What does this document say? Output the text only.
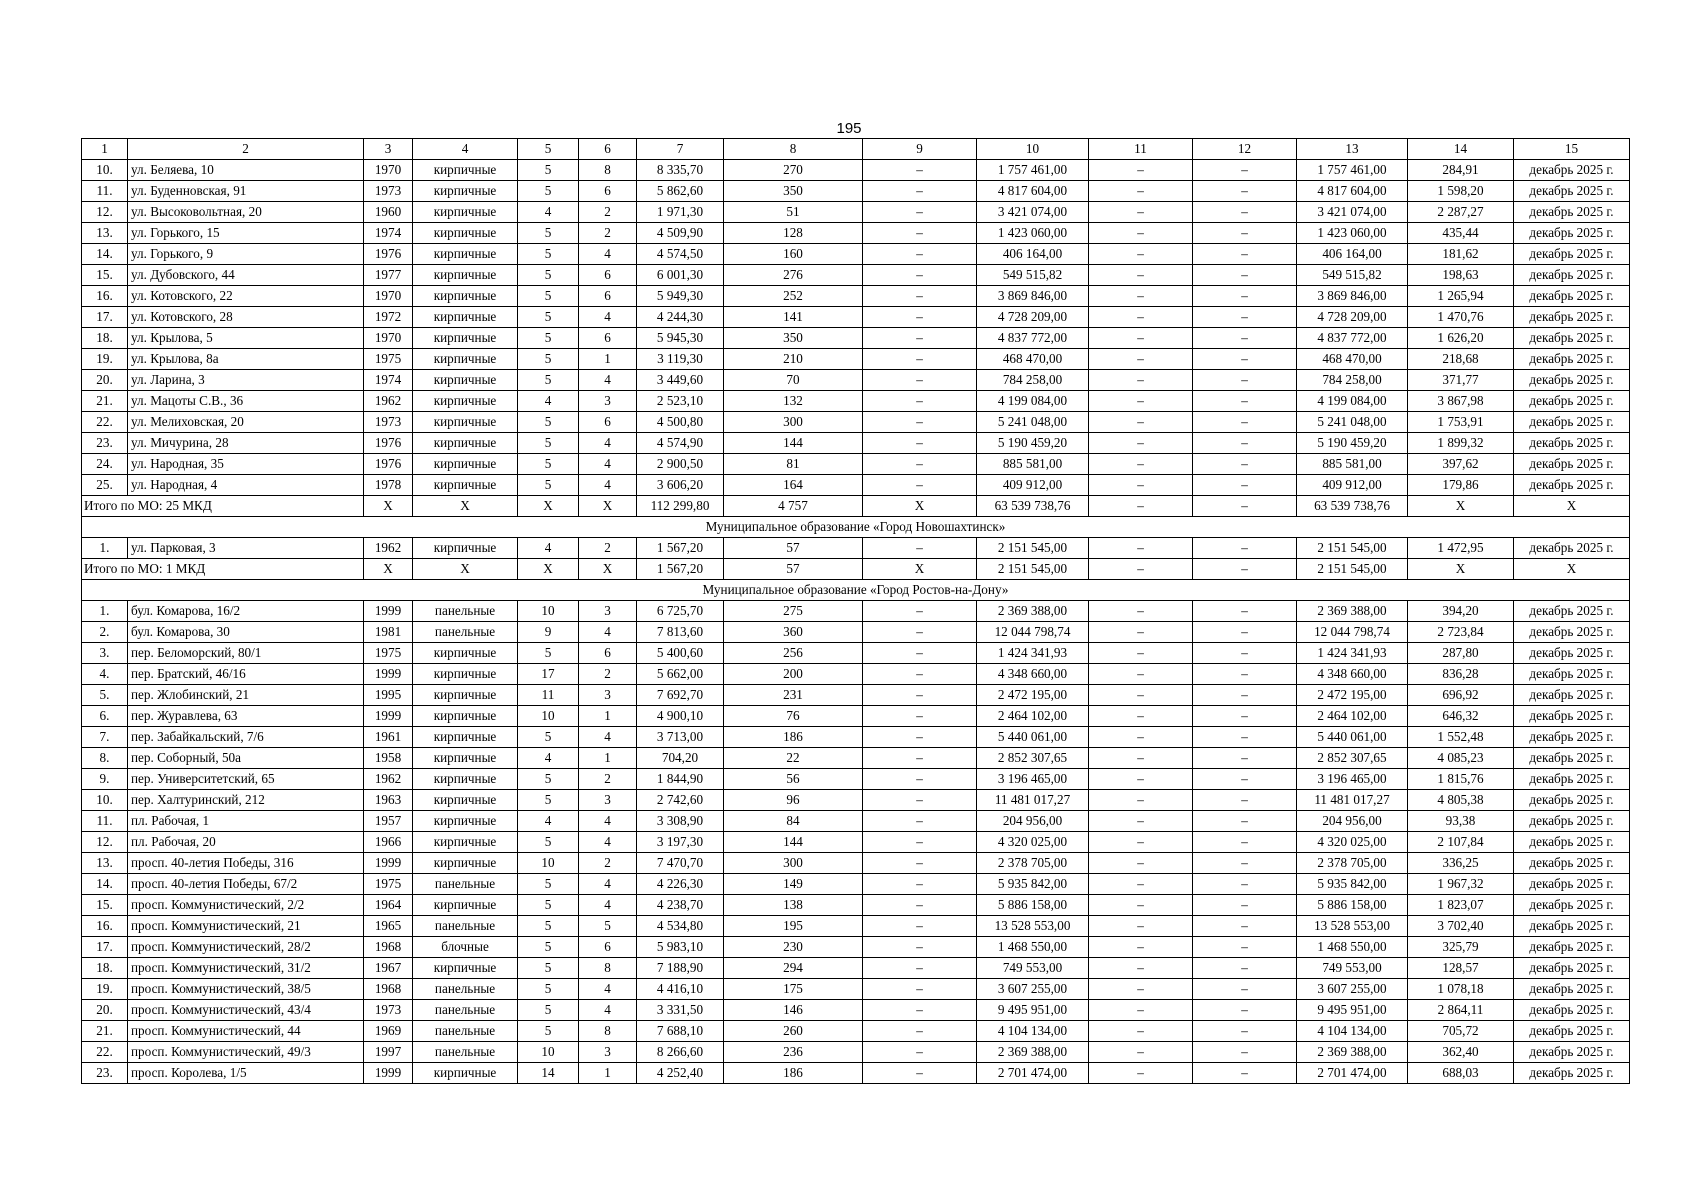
195
1	2	3	4	5	6	7	8	9	10	11	12	13	14	15
10.	ул. Беляева, 10	1970	кирпичные	5	8	8 335,70	270	–	1 757 461,00	–	–	1 757 461,00	284,91	декабрь 2025 г.
11.	ул. Буденновская, 91	1973	кирпичные	5	6	5 862,60	350	–	4 817 604,00	–	–	4 817 604,00	1 598,20	декабрь 2025 г.
12.	ул. Высоковольтная, 20	1960	кирпичные	4	2	1 971,30	51	–	3 421 074,00	–	–	3 421 074,00	2 287,27	декабрь 2025 г.
13.	ул. Горького, 15	1974	кирпичные	5	2	4 509,90	128	–	1 423 060,00	–	–	1 423 060,00	435,44	декабрь 2025 г.
14.	ул. Горького, 9	1976	кирпичные	5	4	4 574,50	160	–	406 164,00	–	–	406 164,00	181,62	декабрь 2025 г.
15.	ул. Дубовского, 44	1977	кирпичные	5	6	6 001,30	276	–	549 515,82	–	–	549 515,82	198,63	декабрь 2025 г.
16.	ул. Котовского, 22	1970	кирпичные	5	6	5 949,30	252	–	3 869 846,00	–	–	3 869 846,00	1 265,94	декабрь 2025 г.
17.	ул. Котовского, 28	1972	кирпичные	5	4	4 244,30	141	–	4 728 209,00	–	–	4 728 209,00	1 470,76	декабрь 2025 г.
18.	ул. Крылова, 5	1970	кирпичные	5	6	5 945,30	350	–	4 837 772,00	–	–	4 837 772,00	1 626,20	декабрь 2025 г.
19.	ул. Крылова, 8а	1975	кирпичные	5	1	3 119,30	210	–	468 470,00	–	–	468 470,00	218,68	декабрь 2025 г.
20.	ул. Ларина, 3	1974	кирпичные	5	4	3 449,60	70	–	784 258,00	–	–	784 258,00	371,77	декабрь 2025 г.
21.	ул. Мацоты С.В., 36	1962	кирпичные	4	3	2 523,10	132	–	4 199 084,00	–	–	4 199 084,00	3 867,98	декабрь 2025 г.
22.	ул. Мелиховская, 20	1973	кирпичные	5	6	4 500,80	300	–	5 241 048,00	–	–	5 241 048,00	1 753,91	декабрь 2025 г.
23.	ул. Мичурина, 28	1976	кирпичные	5	4	4 574,90	144	–	5 190 459,20	–	–	5 190 459,20	1 899,32	декабрь 2025 г.
24.	ул. Народная, 35	1976	кирпичные	5	4	2 900,50	81	–	885 581,00	–	–	885 581,00	397,62	декабрь 2025 г.
25.	ул. Народная, 4	1978	кирпичные	5	4	3 606,20	164	–	409 912,00	–	–	409 912,00	179,86	декабрь 2025 г.
Итого по МО: 25 МКД		X	X	X	X	112 299,80	4 757	X	63 539 738,76	–	–	63 539 738,76	X	X
Муниципальное образование «Город Новошахтинск»														
1.	ул. Парковая, 3	1962	кирпичные	4	2	1 567,20	57	–	2 151 545,00	–	–	2 151 545,00	1 472,95	декабрь 2025 г.
Итого по МО: 1 МКД		X	X	X	X	1 567,20	57	X	2 151 545,00	–	–	2 151 545,00	X	X
Муниципальное образование «Город Ростов-на-Дону»														
1.	бул. Комарова, 16/2	1999	панельные	10	3	6 725,70	275	–	2 369 388,00	–	–	2 369 388,00	394,20	декабрь 2025 г.
2.	бул. Комарова, 30	1981	панельные	9	4	7 813,60	360	–	12 044 798,74	–	–	12 044 798,74	2 723,84	декабрь 2025 г.
3.	пер. Беломорский, 80/1	1975	кирпичные	5	6	5 400,60	256	–	1 424 341,93	–	–	1 424 341,93	287,80	декабрь 2025 г.
4.	пер. Братский, 46/16	1999	кирпичные	17	2	5 662,00	200	–	4 348 660,00	–	–	4 348 660,00	836,28	декабрь 2025 г.
5.	пер. Жлобинский, 21	1995	кирпичные	11	3	7 692,70	231	–	2 472 195,00	–	–	2 472 195,00	696,92	декабрь 2025 г.
6.	пер. Журавлева, 63	1999	кирпичные	10	1	4 900,10	76	–	2 464 102,00	–	–	2 464 102,00	646,32	декабрь 2025 г.
7.	пер. Забайкальский, 7/6	1961	кирпичные	5	4	3 713,00	186	–	5 440 061,00	–	–	5 440 061,00	1 552,48	декабрь 2025 г.
8.	пер. Соборный, 50а	1958	кирпичные	4	1	704,20	22	–	2 852 307,65	–	–	2 852 307,65	4 085,23	декабрь 2025 г.
9.	пер. Университетский, 65	1962	кирпичные	5	2	1 844,90	56	–	3 196 465,00	–	–	3 196 465,00	1 815,76	декабрь 2025 г.
10.	пер. Халтуринский, 212	1963	кирпичные	5	3	2 742,60	96	–	11 481 017,27	–	–	11 481 017,27	4 805,38	декабрь 2025 г.
11.	пл. Рабочая, 1	1957	кирпичные	4	4	3 308,90	84	–	204 956,00	–	–	204 956,00	93,38	декабрь 2025 г.
12.	пл. Рабочая, 20	1966	кирпичные	5	4	3 197,30	144	–	4 320 025,00	–	–	4 320 025,00	2 107,84	декабрь 2025 г.
13.	просп. 40-летия Победы, 316	1999	кирпичные	10	2	7 470,70	300	–	2 378 705,00	–	–	2 378 705,00	336,25	декабрь 2025 г.
14.	просп. 40-летия Победы, 67/2	1975	панельные	5	4	4 226,30	149	–	5 935 842,00	–	–	5 935 842,00	1 967,32	декабрь 2025 г.
15.	просп. Коммунистический, 2/2	1964	кирпичные	5	4	4 238,70	138	–	5 886 158,00	–	–	5 886 158,00	1 823,07	декабрь 2025 г.
16.	просп. Коммунистический, 21	1965	панельные	5	5	4 534,80	195	–	13 528 553,00	–	–	13 528 553,00	3 702,40	декабрь 2025 г.
17.	просп. Коммунистический, 28/2	1968	блочные	5	6	5 983,10	230	–	1 468 550,00	–	–	1 468 550,00	325,79	декабрь 2025 г.
18.	просп. Коммунистический, 31/2	1967	кирпичные	5	8	7 188,90	294	–	749 553,00	–	–	749 553,00	128,57	декабрь 2025 г.
19.	просп. Коммунистический, 38/5	1968	панельные	5	4	4 416,10	175	–	3 607 255,00	–	–	3 607 255,00	1 078,18	декабрь 2025 г.
20.	просп. Коммунистический, 43/4	1973	панельные	5	4	3 331,50	146	–	9 495 951,00	–	–	9 495 951,00	2 864,11	декабрь 2025 г.
21.	просп. Коммунистический, 44	1969	панельные	5	8	7 688,10	260	–	4 104 134,00	–	–	4 104 134,00	705,72	декабрь 2025 г.
22.	просп. Коммунистический, 49/3	1997	панельные	10	3	8 266,60	236	–	2 369 388,00	–	–	2 369 388,00	362,40	декабрь 2025 г.
23.	просп. Королева, 1/5	1999	кирпичные	14	1	4 252,40	186	–	2 701 474,00	–	–	2 701 474,00	688,03	декабрь 2025 г.
